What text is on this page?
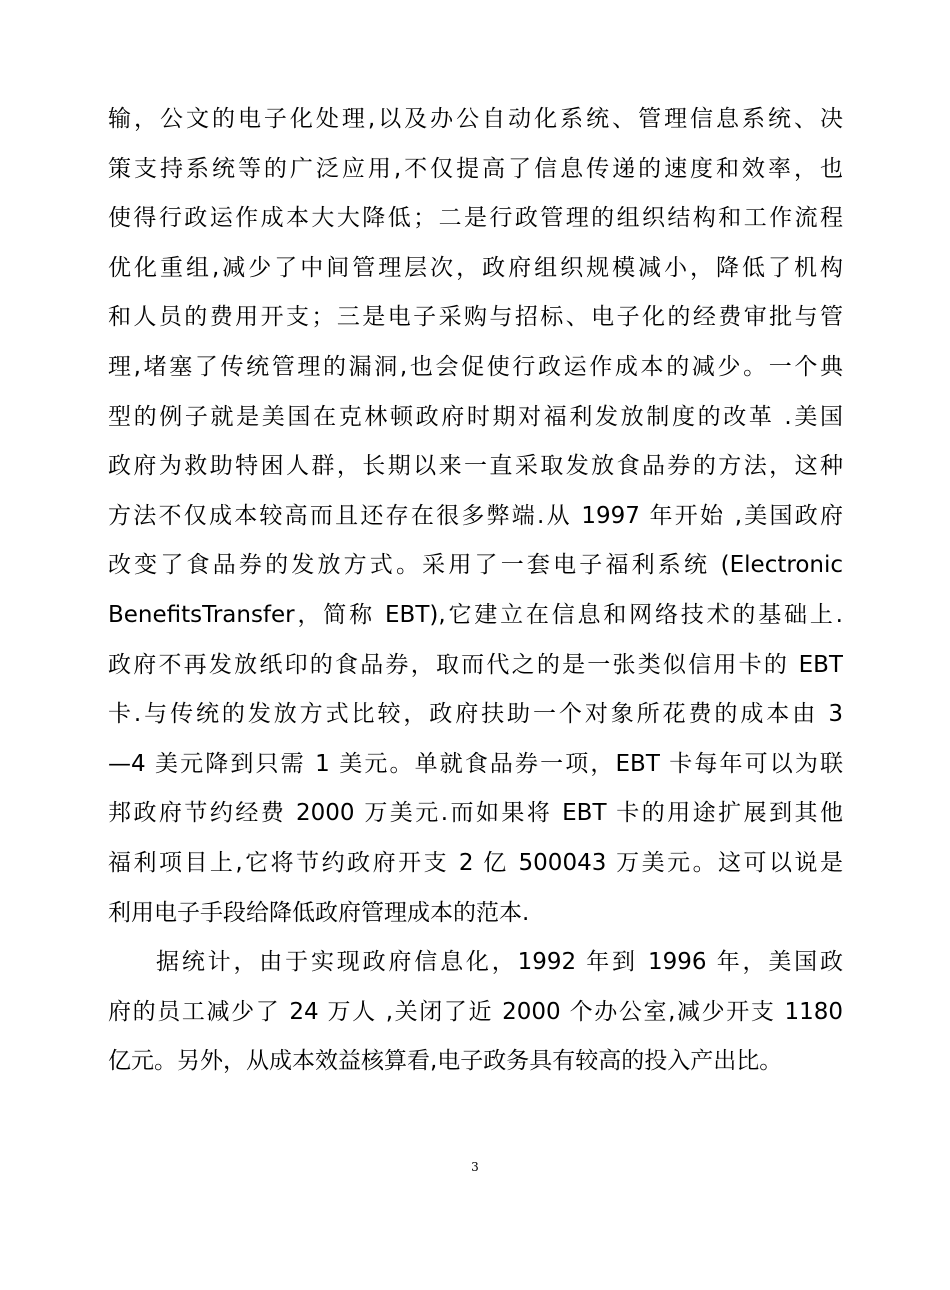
输，公文的电子化处理,以及办公自动化系统、管理信息系统、决
策支持系统等的广泛应用,不仅提高了信息传递的速度和效率，也
使得行政运作成本大大降低；二是行政管理的组织结构和工作流程
优化重组,减少了中间管理层次，政府组织规模减小，降低了机构
和人员的费用开支；三是电子采购与招标、电子化的经费审批与管
理,堵塞了传统管理的漏洞,也会促使行政运作成本的减少。一个典
型的例子就是美国在克林顿政府时期对福利发放制度的改革 .美国
政府为救助特困人群，长期以来一直采取发放食品券的方法，这种
方法不仅成本较高而且还存在很多弊端.从 1997 年开始 ,美国政府
改变了食品券的发放方式。采用了一套电子福利系统 (Electronic
BenefitsTransfer，简称 EBT),它建立在信息和网络技术的基础上.
政府不再发放纸印的食品券，取而代之的是一张类似信用卡的 EBT
卡.与传统的发放方式比较，政府扶助一个对象所花费的成本由 3
—4 美元降到只需 1 美元。单就食品券一项，EBT 卡每年可以为联
邦政府节约经费 2000 万美元.而如果将 EBT 卡的用途扩展到其他
福利项目上,它将节约政府开支 2 亿 500043 万美元。这可以说是
利用电子手段给降低政府管理成本的范本.
据统计，由于实现政府信息化，1992 年到 1996 年，美国政
府的员工减少了 24 万人 ,关闭了近 2000 个办公室,减少开支 1180
亿元。另外，从成本效益核算看,电子政务具有较高的投入产出比。
3
